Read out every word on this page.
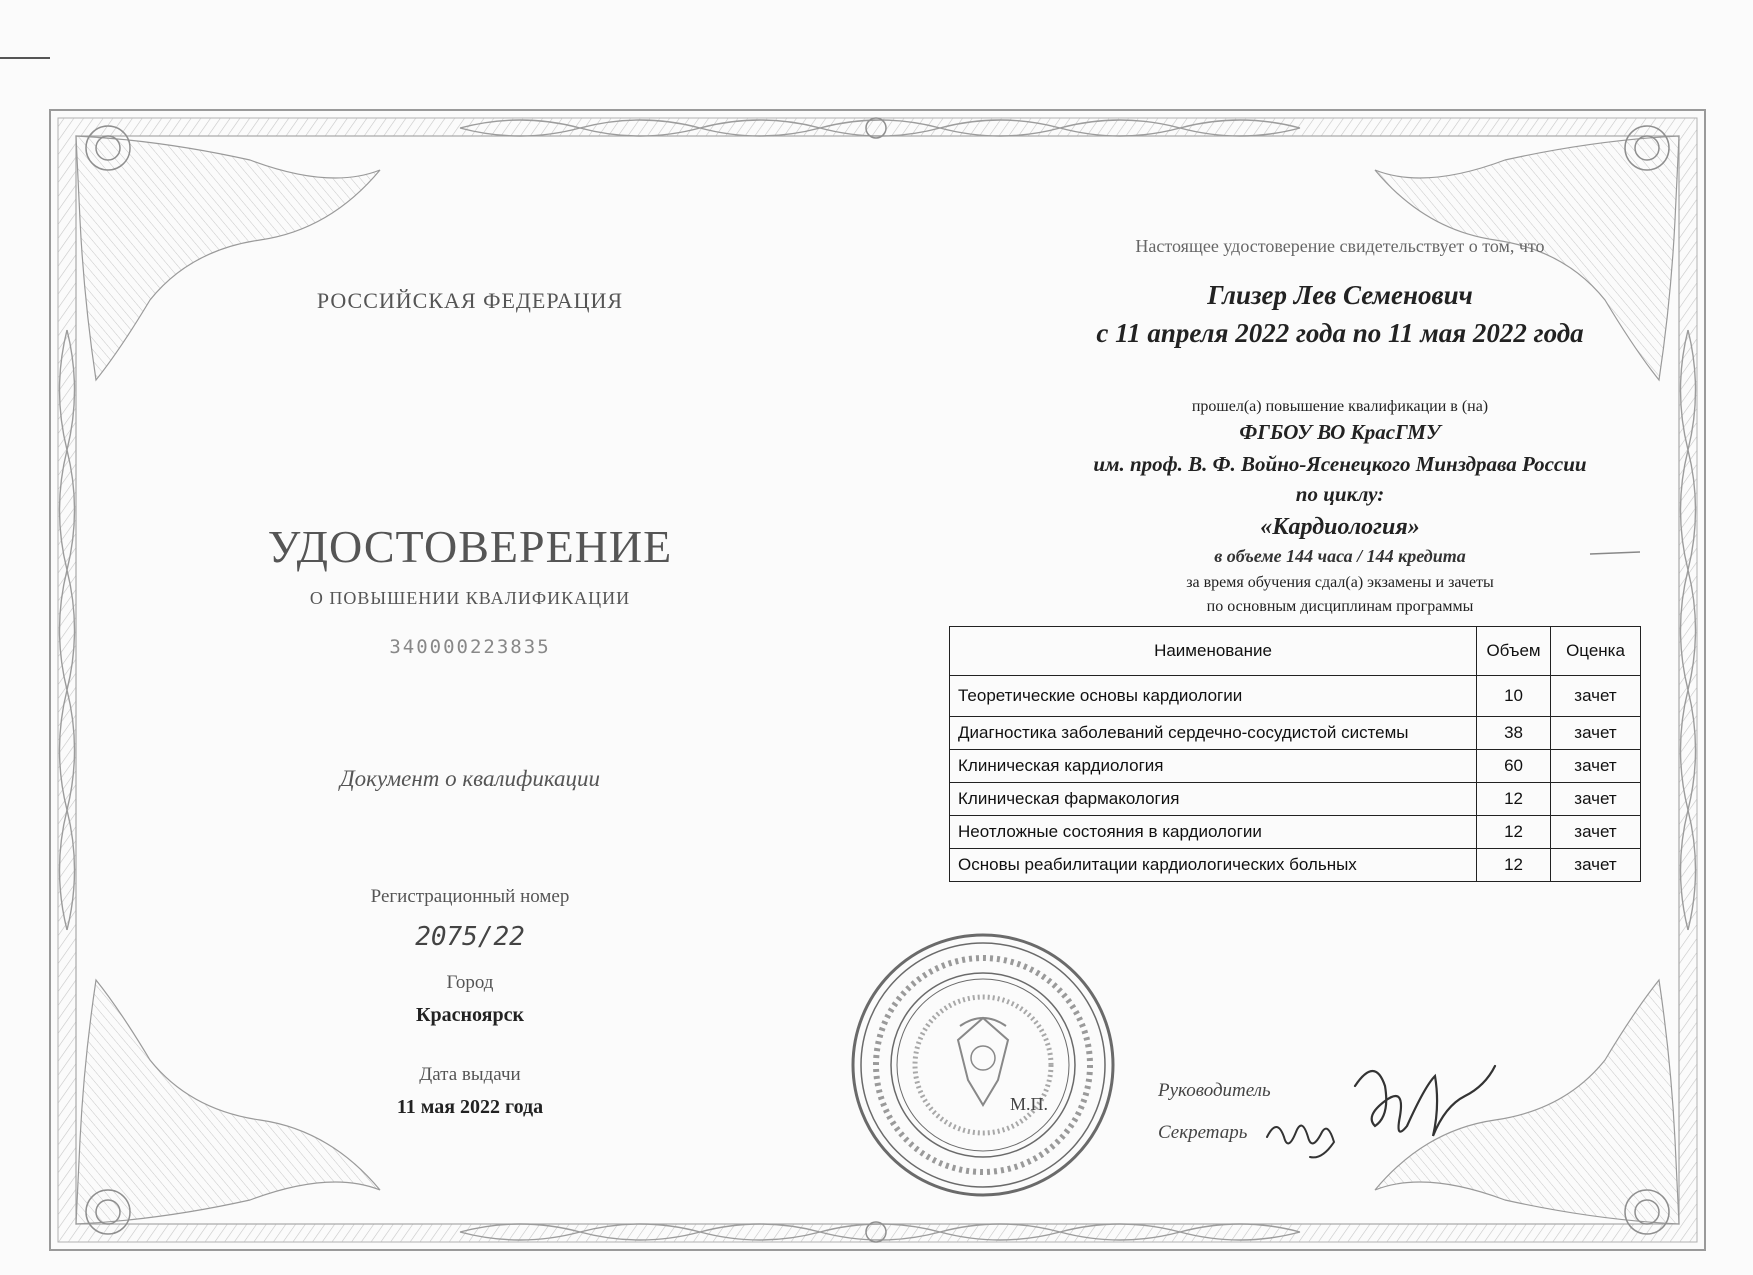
РОССИЙСКАЯ ФЕДЕРАЦИЯ
УДОСТОВЕРЕНИЕ
О ПОВЫШЕНИИ КВАЛИФИКАЦИИ
340000223835
Документ о квалификации
Регистрационный номер
2075/22
Город
Красноярск
Дата выдачи
11 мая 2022 года
Настоящее удостоверение свидетельствует о том, что
Глизер Лев Семенович
с 11 апреля 2022 года по 11 мая 2022 года
прошел(а) повышение квалификации в (на)
ФГБОУ ВО КрасГМУ
им. проф. В. Ф. Войно-Ясенецкого Минздрава России
по циклу:
«Кардиология»
в объеме 144 часа / 144 кредита
за время обучения сдал(а) экзамены и зачеты
по основным дисциплинам программы
Наименование	Объем	Оценка
Теоретические основы кардиологии	10	зачет
Диагностика заболеваний сердечно-сосудистой системы	38	зачет
Клиническая кардиология	60	зачет
Клиническая фармакология	12	зачет
Неотложные состояния в кардиологии	12	зачет
Основы реабилитации кардиологических больных	12	зачет
М.П.
Руководитель
Секретарь
